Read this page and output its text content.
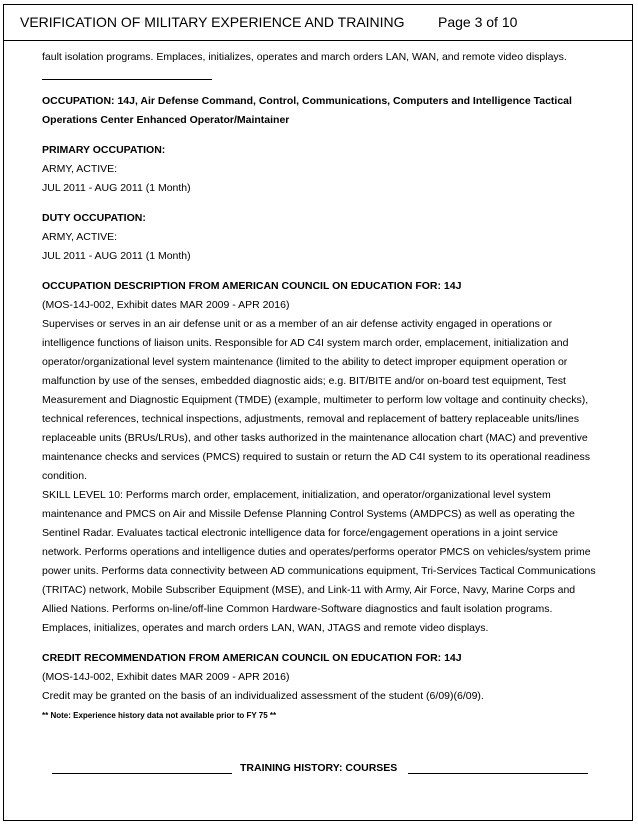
VERIFICATION OF MILITARY EXPERIENCE AND TRAINING Page 3 of 10

fault isolation programs. Emplaces, initializes, operates and march orders LAN, WAN, and remote video displays.

OCCUPATION: 14J, Air Defense Command, Control, Communications, Computers and Intelligence Tactical
Operations Center Enhanced Operator/Maintainer

PRIMARY OCCUPATION:

ARMY, ACTIVE:

JUL 2011 - AUG 2011 (1 Month)

DUTY OCCUPATION:

ARMY, ACTIVE:

JUL 2011 - AUG 2011 (1 Month)

OCCUPATION DESCRIPTION FROM AMERICAN COUNCIL ON EDUCATION FOR: 14J

(MOS-14J-002, Exhibit dates MAR 2009 - APR 2016)

Supervises or serves in an air defense unit or as a member of an air defense activity engaged in operations or

intelligence functions of liaison units. Responsible for AD C4I system march order, emplacement, initialization and

operator/organizational level system maintenance (limited to the ability to detect improper equipment operation or

malfunction by use of the senses, embedded diagnostic aids; e.g. BIT/BITE and/or on-board test equipment, Test

Measurement and Diagnostic Equipment (TMDE) (example, multimeter to perform low voltage and continuity checks),

technical references, technical inspections, adjustments, removal and replacement of battery replaceable units/lines

replaceable units (BRUs/LRUs), and other tasks authorized in the maintenance allocation chart (MAC) and preventive

maintenance checks and services (PMCS) required to sustain or return the AD C4I system to its operational readiness

condition.

SKILL LEVEL 10: Performs march order, emplacement, initialization, and operator/organizational level system

maintenance and PMCS on Air and Missile Defense Planning Control Systems (AMDPCS) as well as operating the

Sentinel Radar. Evaluates tactical electronic intelligence data for force/engagement operations in a joint service

network. Performs operations and intelligence duties and operates/performs operator PMCS on vehicles/system prime

power units. Performs data connectivity between AD communications equipment, Tri-Services Tactical Communications

(TRITAC) network, Mobile Subscriber Equipment (MSE), and Link-11 with Army, Air Force, Navy, Marine Corps and

Allied Nations. Performs on-line/off-line Common Hardware-Software diagnostics and fault isolation programs.

Emplaces, initializes, operates and march orders LAN, WAN, JTAGS and remote video displays.

CREDIT RECOMMENDATION FROM AMERICAN COUNCIL ON EDUCATION FOR: 14J

(MOS-14J-002, Exhibit dates MAR 2009 - APR 2016)

Credit may be granted on the basis of an individualized assessment of the student (6/09)(6/09).

** Note: Experience history data not available prior to FY 75 **

TRAINING HISTORY: COURSES
